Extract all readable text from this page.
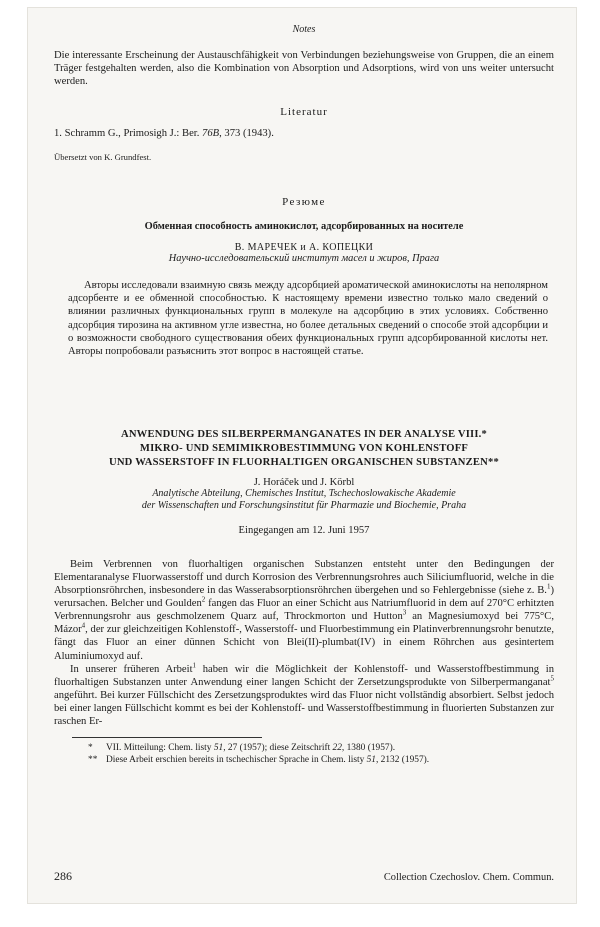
Notes

Die interessante Erscheinung der Austauschfähigkeit von Verbindungen beziehungsweise von Gruppen, die an einem Träger festgehalten werden, also die Kombination von Absorption und Adsorptions, wird von uns weiter untersucht werden.

Literatur
1. Schramm G., Primosigh J.: Ber. 76B, 373 (1943).
Übersetzt von K. Grundfest.
Резюме
Обменная способность аминокислот, адсорбированных на носителе
В. МАРЕЧЕК и А. КОПЕЦКИ
Научно-исследовательский институт масел и жиров, Прага

Авторы исследовали взаимную связь между адсорбцией ароматической аминокислоты на неполярном адсорбенте и ее обменной способностью. К настоящему времени известно только мало сведений о влиянии различных функциональных групп в молекуле на адсорбцию в этих условиях. Собственно адсорбция тирозина на активном угле известна, но более детальных сведений о способе этой адсорбции и о возможности свободного существования обеих функциональных групп адсорбированной кислоты нет. Авторы попробовали разъяснить этот вопрос в настоящей статье.

ANWENDUNG DES SILBERPERMANGANATES IN DER ANALYSE VIII.*
MIKRO- UND SEMIMIKROBESTIMMUNG VON KOHLENSTOFF
UND WASSERSTOFF IN FLUORHALTIGEN ORGANISCHEN SUBSTANZEN**
J. Horáček und J. Körbl
Analytische Abteilung, Chemisches Institut, Tschechoslowakische Akademie
der Wissenschaften und Forschungsinstitut für Pharmazie und Biochemie, Praha
Eingegangen am 12. Juni 1957

Beim Verbrennen von fluorhaltigen organischen Substanzen entsteht unter den Bedingungen der Elementaranalyse Fluorwasserstoff und durch Korrosion des Verbrennungsrohres auch Siliciumfluorid, welche in die Absorptionsröhrchen, insbesondere in das Wasserabsorptionsröhrchen übergehen und so Fehlergebnisse (siehe z. B.$^1$) verursachen. Belcher und Goulden$^2$ fangen das Fluor an einer Schicht aus Natriumfluorid in dem auf 270°C erhitzten Verbrennungsrohr aus geschmolzenem Quarz auf, Throckmorton und Hutton$^3$ an Magnesiumoxyd bei 775°C, Mázor$^4$, der zur gleichzeitigen Kohlenstoff-, Wasserstoff- und Fluorbestimmung ein Platinverbrennungsrohr benutzte, fängt das Fluor an einer dünnen Schicht von Blei(II)-plumbat(IV) in einem Röhrchen aus gesintertem Aluminiumoxyd auf.

In unserer früheren Arbeit$^1$ haben wir die Möglichkeit der Kohlenstoff- und Wasserstoffbestimmung in fluorhaltigen Substanzen unter Anwendung einer langen Schicht der Zersetzungsprodukte von Silberpermanganat$^5$ angeführt. Bei kurzer Füllschicht des Zersetzungsproduktes wird das Fluor nicht vollständig absorbiert. Selbst jedoch bei einer langen Füllschicht kommt es bei der Kohlenstoff- und Wasserstoffbestimmung in fluorierten Substanzen zur raschen Er-

* VII. Mitteilung: Chem. listy 51, 27 (1957); diese Zeitschrift 22, 1380 (1957).
** Diese Arbeit erschien bereits in tschechischer Sprache in Chem. listy 51, 2132 (1957).
286	Collection Czechoslov. Chem. Commun.
